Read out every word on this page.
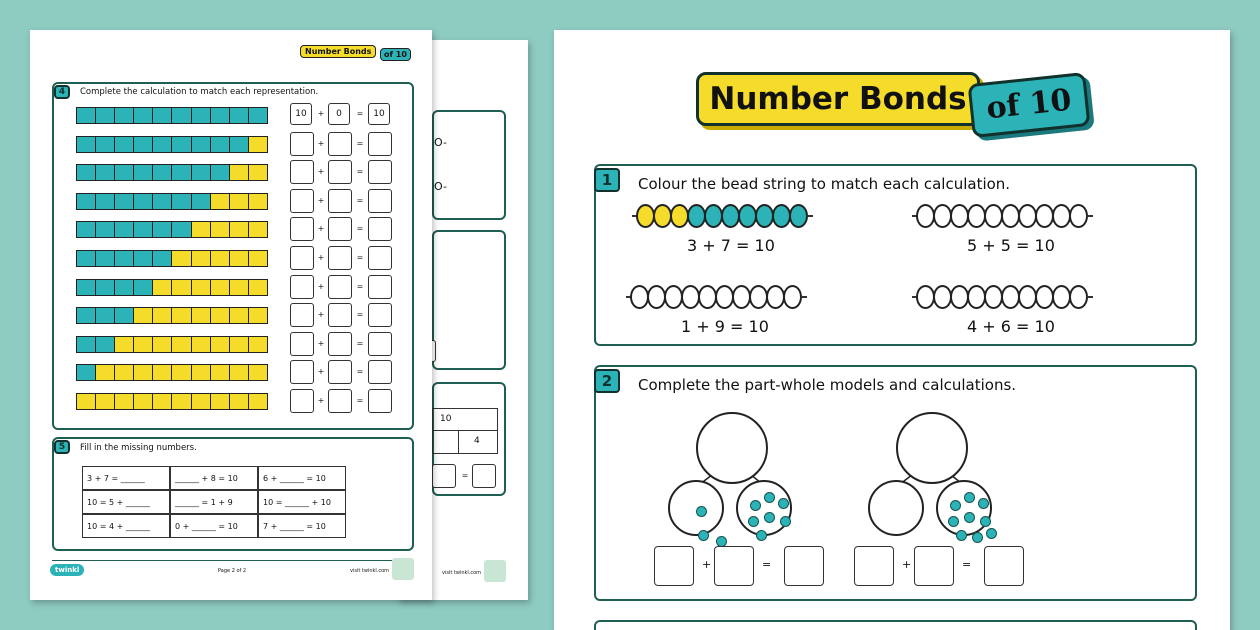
O-
O-
10
4
=
visit twinkl.com
Number Bonds	of 10
4	Complete the calculation to match each representation.
10	+	0	=	10
+	=
+	=
+	=
+	=
+	=
+	=
+	=
+	=
+	=
+	=
5	Fill in the missing numbers.
3 + 7 = ______	______ + 8 = 10	6 + ______ = 10
10 = 5 + ______	______ = 1 + 9	10 = ______ + 10
10 = 4 + ______	0 + ______ = 10	7 + ______ = 10
twinkl	Page 2 of 2	visit twinkl.com
Number Bonds of 10
1	Colour the bead string to match each calculation.
3 + 7 = 10	5 + 5 = 10
1 + 9 = 10	4 + 6 = 10
2	Complete the part-whole models and calculations.
+	=	+	=
